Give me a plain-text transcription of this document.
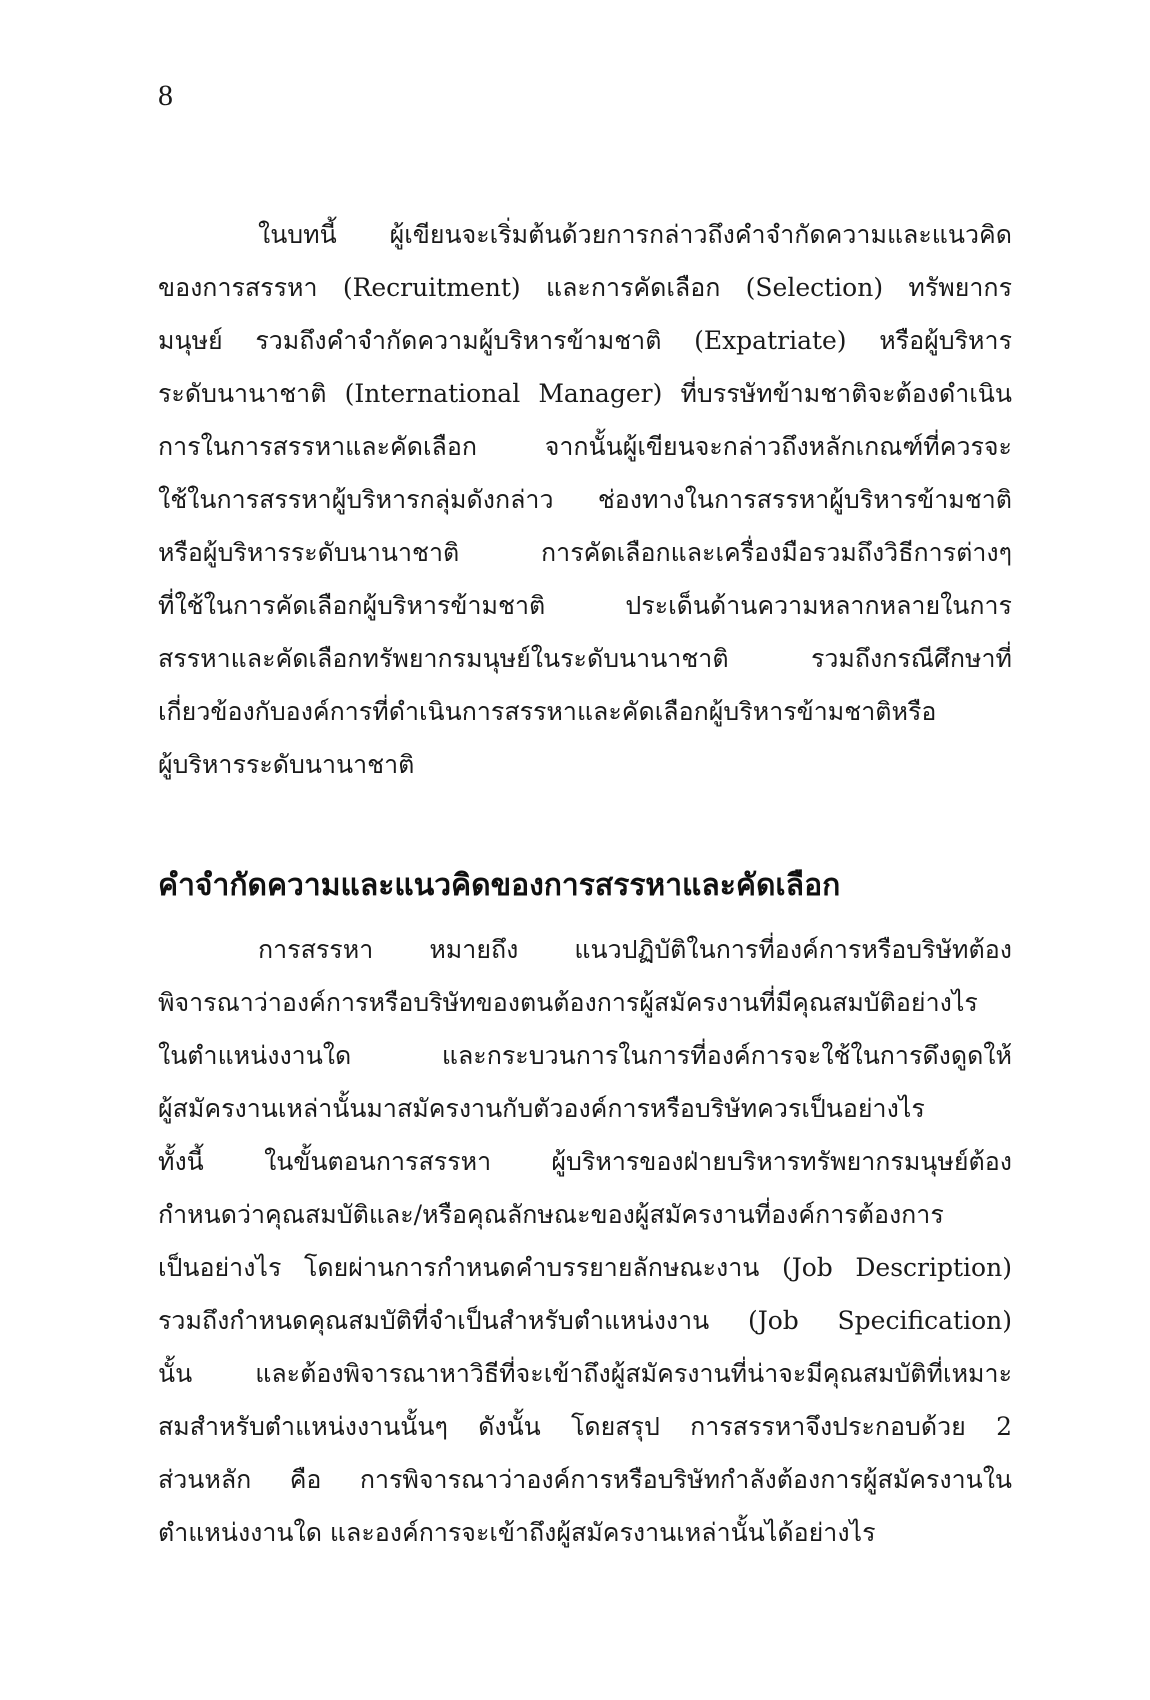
8
ในบทนี้ ผู้เขียนจะเริ่มต้นด้วยการกล่าวถึงคำจำกัดความและแนวคิด
ของการสรรหา (Recruitment) และการคัดเลือก (Selection) ทรัพยากร
มนุษย์ รวมถึงคำจำกัดความผู้บริหารข้ามชาติ (Expatriate) หรือผู้บริหาร
ระดับนานาชาติ (International Manager) ที่บรรษัทข้ามชาติจะต้องดำเนิน
การในการสรรหาและคัดเลือก	จากนั้นผู้เขียนจะกล่าวถึงหลักเกณฑ์ที่ควรจะ
ใช้ในการสรรหาผู้บริหารกลุ่มดังกล่าว ช่องทางในการสรรหาผู้บริหารข้ามชาติ
หรือผู้บริหารระดับนานาชาติ	การคัดเลือกและเครื่องมือรวมถึงวิธีการต่างๆ
ที่ใช้ในการคัดเลือกผู้บริหารข้ามชาติ	ประเด็นด้านความหลากหลายในการ
สรรหาและคัดเลือกทรัพยากรมนุษย์ในระดับนานาชาติ	รวมถึงกรณีศึกษาที่
เกี่ยวข้องกับองค์การที่ดำเนินการสรรหาและคัดเลือกผู้บริหารข้ามชาติหรือ
ผู้บริหารระดับนานาชาติ
คำจำกัดความและแนวคิดของการสรรหาและคัดเลือก
การสรรหา หมายถึง แนวปฏิบัติในการที่องค์การหรือบริษัทต้อง
พิจารณาว่าองค์การหรือบริษัทของตนต้องการผู้สมัครงานที่มีคุณสมบัติอย่างไร
ในตำแหน่งงานใด	และกระบวนการในการที่องค์การจะใช้ในการดึงดูดให้
ผู้สมัครงานเหล่านั้นมาสมัครงานกับตัวองค์การหรือบริษัทควรเป็นอย่างไร
ทั้งนี้ ในขั้นตอนการสรรหา ผู้บริหารของฝ่ายบริหารทรัพยากรมนุษย์ต้อง
กำหนดว่าคุณสมบัติและ/หรือคุณลักษณะของผู้สมัครงานที่องค์การต้องการ
เป็นอย่างไร โดยผ่านการกำหนดคำบรรยายลักษณะงาน (Job Description)
รวมถึงกำหนดคุณสมบัติที่จำเป็นสำหรับตำแหน่งงาน (Job Specification)
นั้น	และต้องพิจารณาหาวิธีที่จะเข้าถึงผู้สมัครงานที่น่าจะมีคุณสมบัติที่เหมาะ
สมสำหรับตำแหน่งงานนั้นๆ ดังนั้น โดยสรุป การสรรหาจึงประกอบด้วย 2
ส่วนหลัก คือ การพิจารณาว่าองค์การหรือบริษัทกำลังต้องการผู้สมัครงานใน
ตำแหน่งงานใด และองค์การจะเข้าถึงผู้สมัครงานเหล่านั้นได้อย่างไร
